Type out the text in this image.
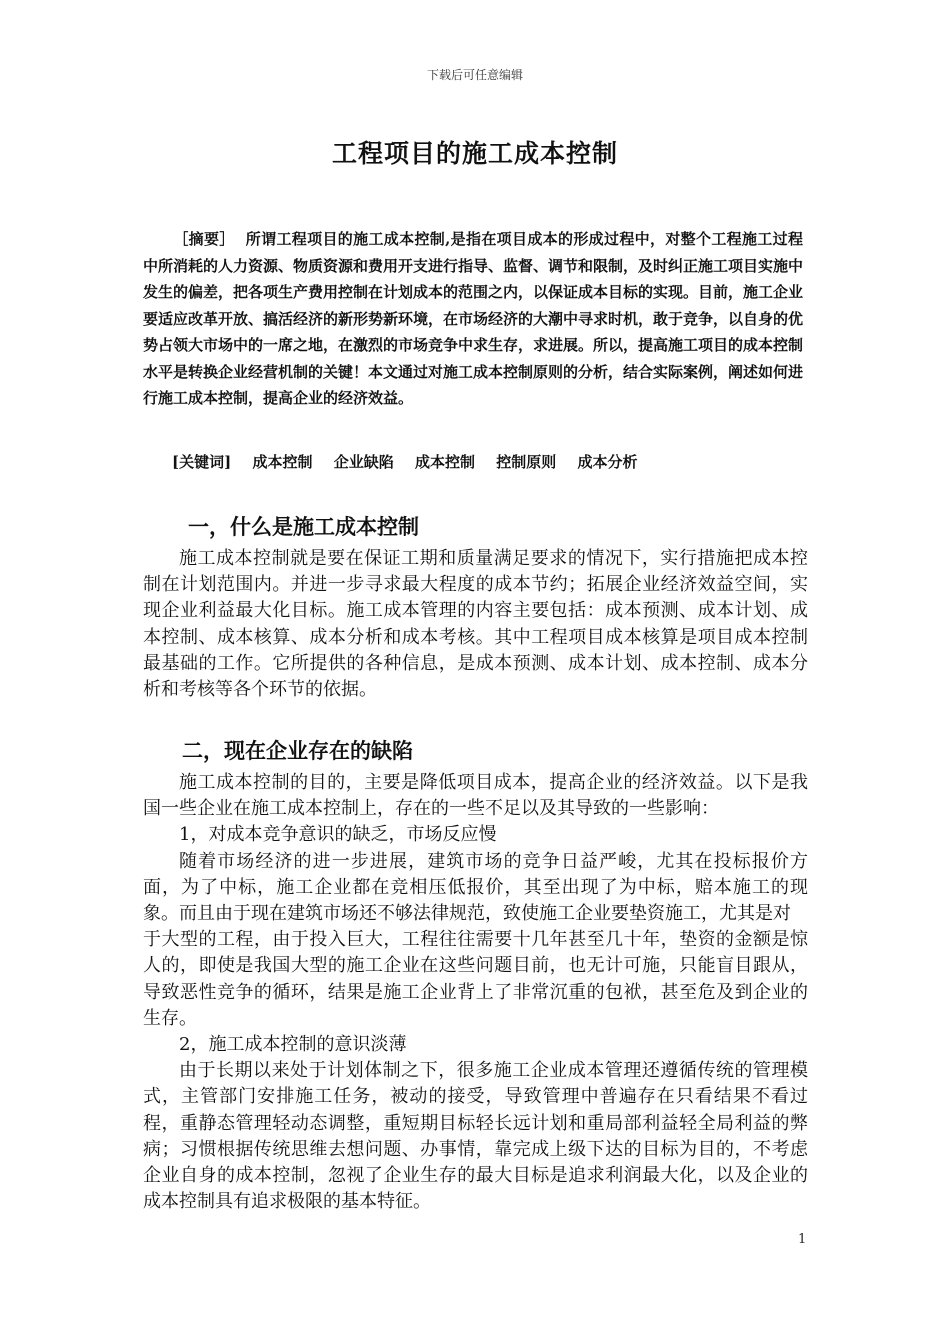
下载后可任意编辑
工程项目的施工成本控制
［摘要］ 所谓工程项目的施工成本控制,是指在项目成本的形成过程中，对整个工程施工过程中所消耗的人力资源、物质资源和费用开支进行指导、监督、调节和限制，及时纠正施工项目实施中发生的偏差，把各项生产费用控制在计划成本的范围之内，以保证成本目标的实现。目前，施工企业要适应改革开放、搞活经济的新形势新环境，在市场经济的大潮中寻求时机，敢于竞争，以自身的优势占领大市场中的一席之地，在激烈的市场竞争中求生存，求进展。所以，提高施工项目的成本控制水平是转换企业经营机制的关键！本文通过对施工成本控制原则的分析，结合实际案例，阐述如何进行施工成本控制，提高企业的经济效益。
[关键词] 成本控制 企业缺陷 成本控制 控制原则 成本分析
一，什么是施工成本控制

施工成本控制就是要在保证工期和质量满足要求的情况下，实行措施把成本控制在计划范围内。并进一步寻求最大程度的成本节约；拓展企业经济效益空间，实现企业利益最大化目标。施工成本管理的内容主要包括：成本预测、成本计划、成本控制、成本核算、成本分析和成本考核。其中工程项目成本核算是项目成本控制最基础的工作。它所提供的各种信息，是成本预测、成本计划、成本控制、成本分析和考核等各个环节的依据。

二，现在企业存在的缺陷

施工成本控制的目的，主要是降低项目成本，提高企业的经济效益。以下是我国一些企业在施工成本控制上，存在的一些不足以及其导致的一些影响：

1，对成本竞争意识的缺乏，市场反应慢

随着市场经济的进一步进展，建筑市场的竞争日益严峻，尤其在投标报价方面，为了中标，施工企业都在竞相压低报价，其至出现了为中标，赔本施工的现象。而且由于现在建筑市场还不够法律规范，致使施工企业要垫资施工，尤其是对

于大型的工程，由于投入巨大，工程往往需要十几年甚至几十年，垫资的金额是惊人的，即使是我国大型的施工企业在这些问题目前，也无计可施，只能盲目跟从，导致恶性竞争的循环，结果是施工企业背上了非常沉重的包袱，甚至危及到企业的生存。

2，施工成本控制的意识淡薄

由于长期以来处于计划体制之下，很多施工企业成本管理还遵循传统的管理模式，主管部门安排施工任务，被动的接受，导致管理中普遍存在只看结果不看过程，重静态管理轻动态调整，重短期目标轻长远计划和重局部利益轻全局利益的弊病；习惯根据传统思维去想问题、办事情，靠完成上级下达的目标为目的，不考虑企业自身的成本控制，忽视了企业生存的最大目标是追求利润最大化，以及企业的成本控制具有追求极限的基本特征。

1
